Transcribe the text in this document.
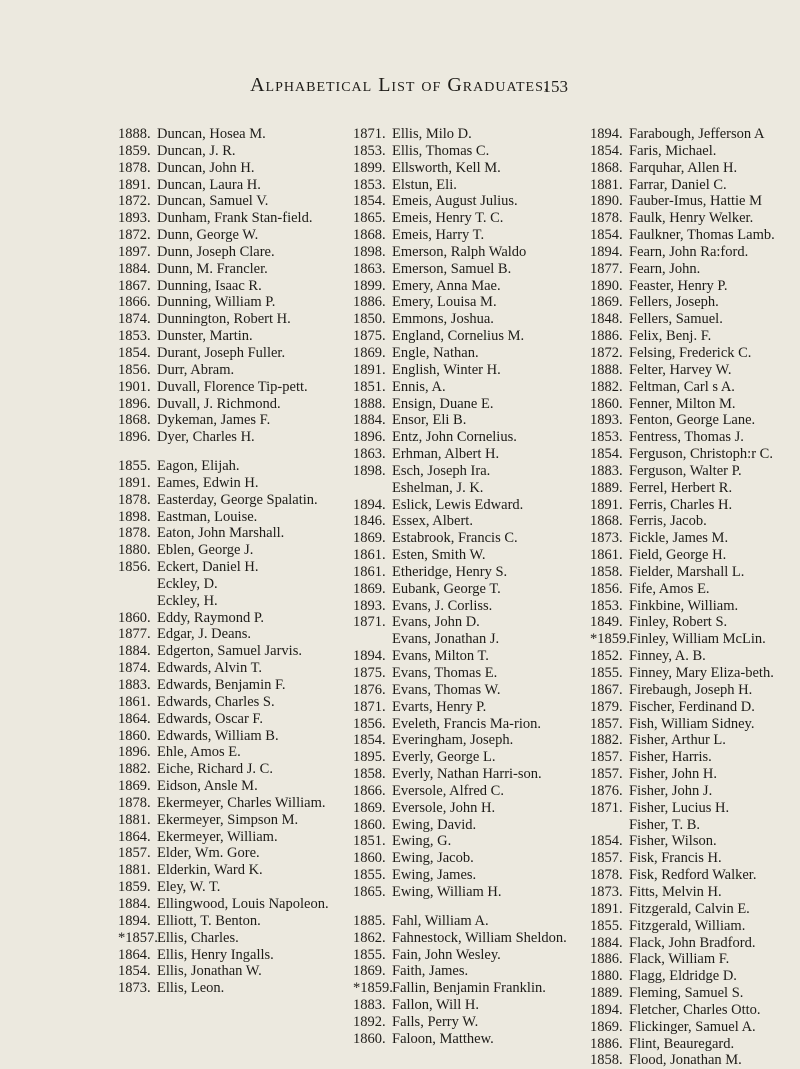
Alphabetical List of Graduates.
153
1888. Duncan, Hosea M.
1859. Duncan, J. R.
1878. Duncan, John H.
1891. Duncan, Laura H.
1872. Duncan, Samuel V.
1893. Dunham, Frank Stan-field.
1872. Dunn, George W.
1897. Dunn, Joseph Clare.
1884. Dunn, M. Francler.
1867. Dunning, Isaac R.
1866. Dunning, William P.
1874. Dunnington, Robert H.
1853. Dunster, Martin.
1854. Durant, Joseph Fuller.
1856. Durr, Abram.
1901. Duvall, Florence Tip-pett.
1896. Duvall, J. Richmond.
1868. Dykeman, James F.
1896. Dyer, Charles H.
1855. Eagon, Elijah.
1891. Eames, Edwin H.
1878. Easterday, George Spalatin.
1898. Eastman, Louise.
1878. Eaton, John Marshall.
1880. Eblen, George J.
1856. Eckert, Daniel H.
Eckley, D.
Eckley, H.
1860. Eddy, Raymond P.
1877. Edgar, J. Deans.
1884. Edgerton, Samuel Jarvis.
1874. Edwards, Alvin T.
1883. Edwards, Benjamin F.
1861. Edwards, Charles S.
1864. Edwards, Oscar F.
1860. Edwards, William B.
1896. Ehle, Amos E.
1882. Eiche, Richard J. C.
1869. Eidson, Ansle M.
1878. Ekermeyer, Charles William.
1881. Ekermeyer, Simpson M.
1864. Ekermeyer, William.
1857. Elder, Wm. Gore.
1881. Elderkin, Ward K.
1859. Eley, W. T.
1884. Ellingwood, Louis Napoleon.
1894. Elliott, T. Benton.
*1857. Ellis, Charles.
1864. Ellis, Henry Ingalls.
1854. Ellis, Jonathan W.
1873. Ellis, Leon.
1871. Ellis, Milo D.
1853. Ellis, Thomas C.
1899. Ellsworth, Kell M.
1853. Elstun, Eli.
1854. Emeis, August Julius.
1865. Emeis, Henry T. C.
1868. Emeis, Harry T.
1898. Emerson, Ralph Waldo
1863. Emerson, Samuel B.
1899. Emery, Anna Mae.
1886. Emery, Louisa M.
1850. Emmons, Joshua.
1875. England, Cornelius M.
1869. Engle, Nathan.
1891. English, Winter H.
1851. Ennis, A.
1888. Ensign, Duane E.
1884. Ensor, Eli B.
1896. Entz, John Cornelius.
1863. Erhman, Albert H.
1898. Esch, Joseph Ira.
Eshelman, J. K.
1894. Eslick, Lewis Edward.
1846. Essex, Albert.
1869. Estabrook, Francis C.
1861. Esten, Smith W.
1861. Etheridge, Henry S.
1869. Eubank, George T.
1893. Evans, J. Corliss.
1871. Evans, John D.
Evans, Jonathan J.
1894. Evans, Milton T.
1875. Evans, Thomas E.
1876. Evans, Thomas W.
1871. Evarts, Henry P.
1856. Eveleth, Francis Ma-rion.
1854. Everingham, Joseph.
1895. Everly, George L.
1858. Everly, Nathan Harri-son.
1866. Eversole, Alfred C.
1869. Eversole, John H.
1860. Ewing, David.
1851. Ewing, G.
1860. Ewing, Jacob.
1855. Ewing, James.
1865. Ewing, William H.
1885. Fahl, William A.
1862. Fahnestock, William Sheldon.
1855. Fain, John Wesley.
1869. Faith, James.
*1859. Fallin, Benjamin Franklin.
1883. Fallon, Will H.
1892. Falls, Perry W.
1860. Faloon, Matthew.
1894. Farabough, Jefferson A
1854. Faris, Michael.
1868. Farquhar, Allen H.
1881. Farrar, Daniel C.
1890. Fauber-Imus, Hattie M
1878. Faulk, Henry Welker.
1854. Faulkner, Thomas Lamb.
1894. Fearn, John Ra:ford.
1877. Fearn, John.
1890. Feaster, Henry P.
1869. Fellers, Joseph.
1848. Fellers, Samuel.
1886. Felix, Benj. F.
1872. Felsing, Frederick C.
1888. Felter, Harvey W.
1882. Feltman, Carl s A.
1860. Fenner, Milton M.
1893. Fenton, George Lane.
1853. Fentress, Thomas J.
1854. Ferguson, Christoph:r C.
1883. Ferguson, Walter P.
1889. Ferrel, Herbert R.
1891. Ferris, Charles H.
1868. Ferris, Jacob.
1873. Fickle, James M.
1861. Field, George H.
1858. Fielder, Marshall L.
1856. Fife, Amos E.
1853. Finkbine, William.
1849. Finley, Robert S.
*1859. Finley, William McLin.
1852. Finney, A. B.
1855. Finney, Mary Eliza-beth.
1867. Firebaugh, Joseph H.
1879. Fischer, Ferdinand D.
1857. Fish, William Sidney.
1882. Fisher, Arthur L.
1857. Fisher, Harris.
1857. Fisher, John H.
1876. Fisher, John J.
1871. Fisher, Lucius H.
Fisher, T. B.
1854. Fisher, Wilson.
1857. Fisk, Francis H.
1878. Fisk, Redford Walker.
1873. Fitts, Melvin H.
1891. Fitzgerald, Calvin E.
1855. Fitzgerald, William.
1884. Flack, John Bradford.
1886. Flack, William F.
1880. Flagg, Eldridge D.
1889. Fleming, Samuel S.
1894. Fletcher, Charles Otto.
1869. Flickinger, Samuel A.
1886. Flint, Beauregard.
1858. Flood, Jonathan M.
